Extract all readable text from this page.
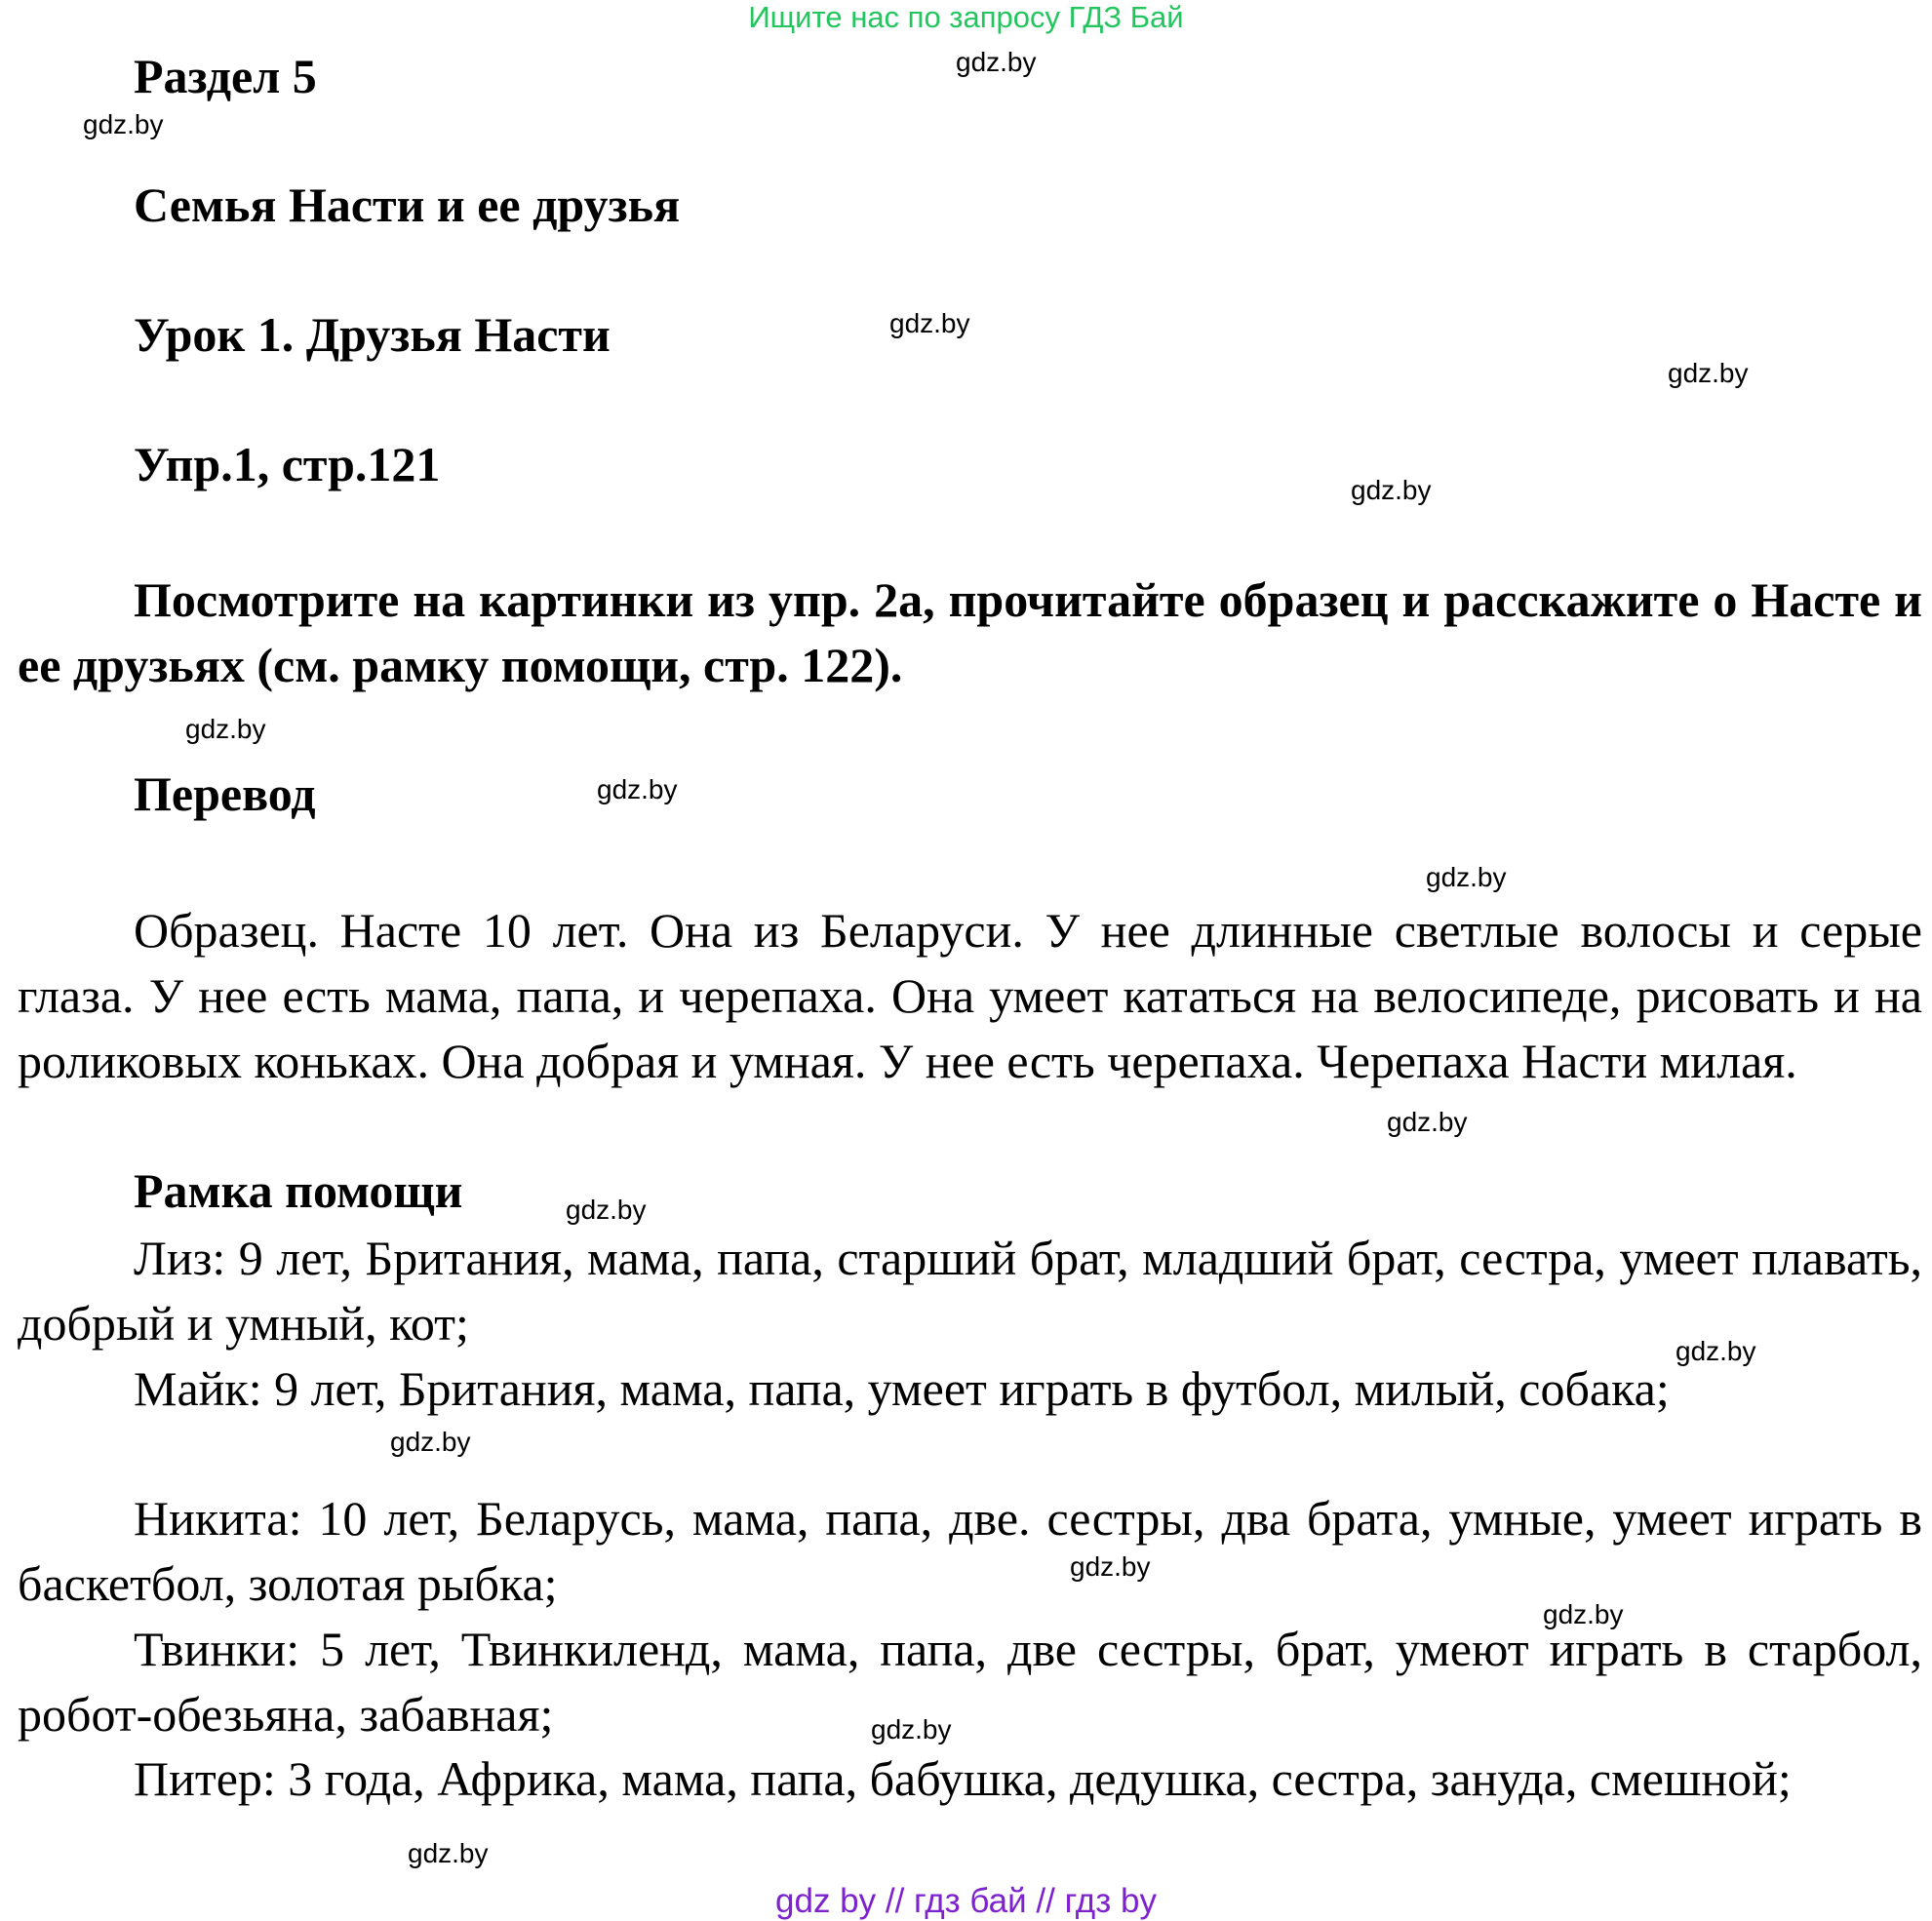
Ищите нас по запросу ГДЗ Бай
Раздел 5
Семья Насти и ее друзья
Урок 1. Друзья Насти
Упр.1, стр.121

Посмотрите на картинки из упр. 2а, прочитайте образец и расскажите о Насте и ее друзьях (см. рамку помощи, стр. 122).

Перевод

Образец. Насте 10 лет. Она из Беларуси. У нее длинные светлые волосы и серые глаза. У нее есть мама, папа, и черепаха. Она умеет кататься на велосипеде, рисовать и на роликовых коньках. Она добрая и умная. У нее есть черепаха. Черепаха Насти милая.

Рамка помощи

Лиз: 9 лет, Британия, мама, папа, старший брат, младший брат, сестра, умеет плавать, добрый и умный, кот;

Майк: 9 лет, Британия, мама, папа, умеет играть в футбол, милый, собака;

Никита: 10 лет, Беларусь, мама, папа, две. сестры, два брата, умные, умеет играть в баскетбол, золотая рыбка;

Твинки: 5 лет, Твинкиленд, мама, папа, две сестры, брат, умеют играть в старбол, робот-обезьяна, забавная;

Питер: 3 года, Африка, мама, папа, бабушка, дедушка, сестра, зануда, смешной;

gdz.by
gdz.by
gdz.by
gdz.by
gdz.by
gdz.by
gdz.by
gdz.by
gdz.by
gdz.by
gdz.by
gdz.by
gdz.by
gdz.by
gdz.by
gdz.by
gdz by // гдз бай // гдз by
